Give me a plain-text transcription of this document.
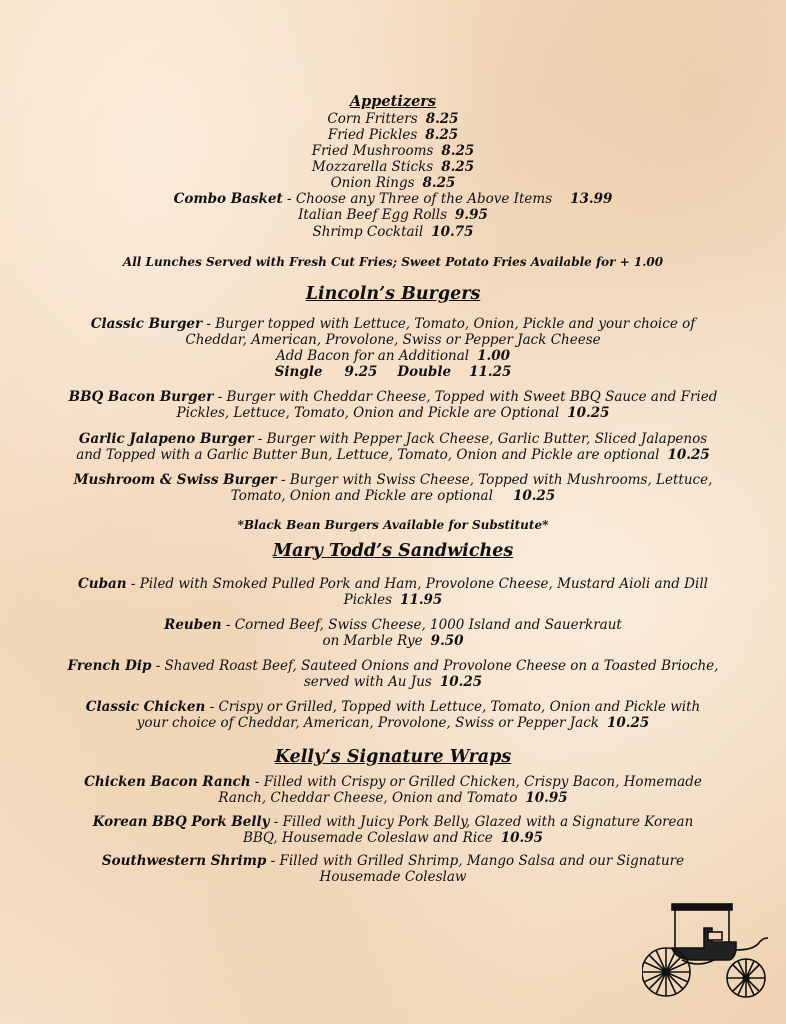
Appetizers
Corn Fritters 8.25
Fried Pickles 8.25
Fried Mushrooms 8.25
Mozzarella Sticks 8.25
Onion Rings 8.25
Combo Basket - Choose any Three of the Above Items 13.99
Italian Beef Egg Rolls 9.95
Shrimp Cocktail 10.75
All Lunches Served with Fresh Cut Fries; Sweet Potato Fries Available for + 1.00
Lincoln’s Burgers
Classic Burger - Burger topped with Lettuce, Tomato, Onion, Pickle and your choice of
Cheddar, American, Provolone, Swiss or Pepper Jack Cheese
Add Bacon for an Additional 1.00
Single 9.25 Double 11.25
BBQ Bacon Burger - Burger with Cheddar Cheese, Topped with Sweet BBQ Sauce and Fried
Pickles, Lettuce, Tomato, Onion and Pickle are Optional 10.25
Garlic Jalapeno Burger - Burger with Pepper Jack Cheese, Garlic Butter, Sliced Jalapenos
and Topped with a Garlic Butter Bun, Lettuce, Tomato, Onion and Pickle are optional 10.25
Mushroom & Swiss Burger - Burger with Swiss Cheese, Topped with Mushrooms, Lettuce,
Tomato, Onion and Pickle are optional 10.25
*Black Bean Burgers Available for Substitute*
Mary Todd’s Sandwiches
Cuban - Piled with Smoked Pulled Pork and Ham, Provolone Cheese, Mustard Aioli and Dill
Pickles 11.95
Reuben - Corned Beef, Swiss Cheese, 1000 Island and Sauerkraut
on Marble Rye 9.50
French Dip - Shaved Roast Beef, Sauteed Onions and Provolone Cheese on a Toasted Brioche,
served with Au Jus 10.25
Classic Chicken - Crispy or Grilled, Topped with Lettuce, Tomato, Onion and Pickle with
your choice of Cheddar, American, Provolone, Swiss or Pepper Jack 10.25
Kelly’s Signature Wraps
Chicken Bacon Ranch - Filled with Crispy or Grilled Chicken, Crispy Bacon, Homemade
Ranch, Cheddar Cheese, Onion and Tomato 10.95
Korean BBQ Pork Belly - Filled with Juicy Pork Belly, Glazed with a Signature Korean
BBQ, Housemade Coleslaw and Rice 10.95
Southwestern Shrimp - Filled with Grilled Shrimp, Mango Salsa and our Signature
Housemade Coleslaw
